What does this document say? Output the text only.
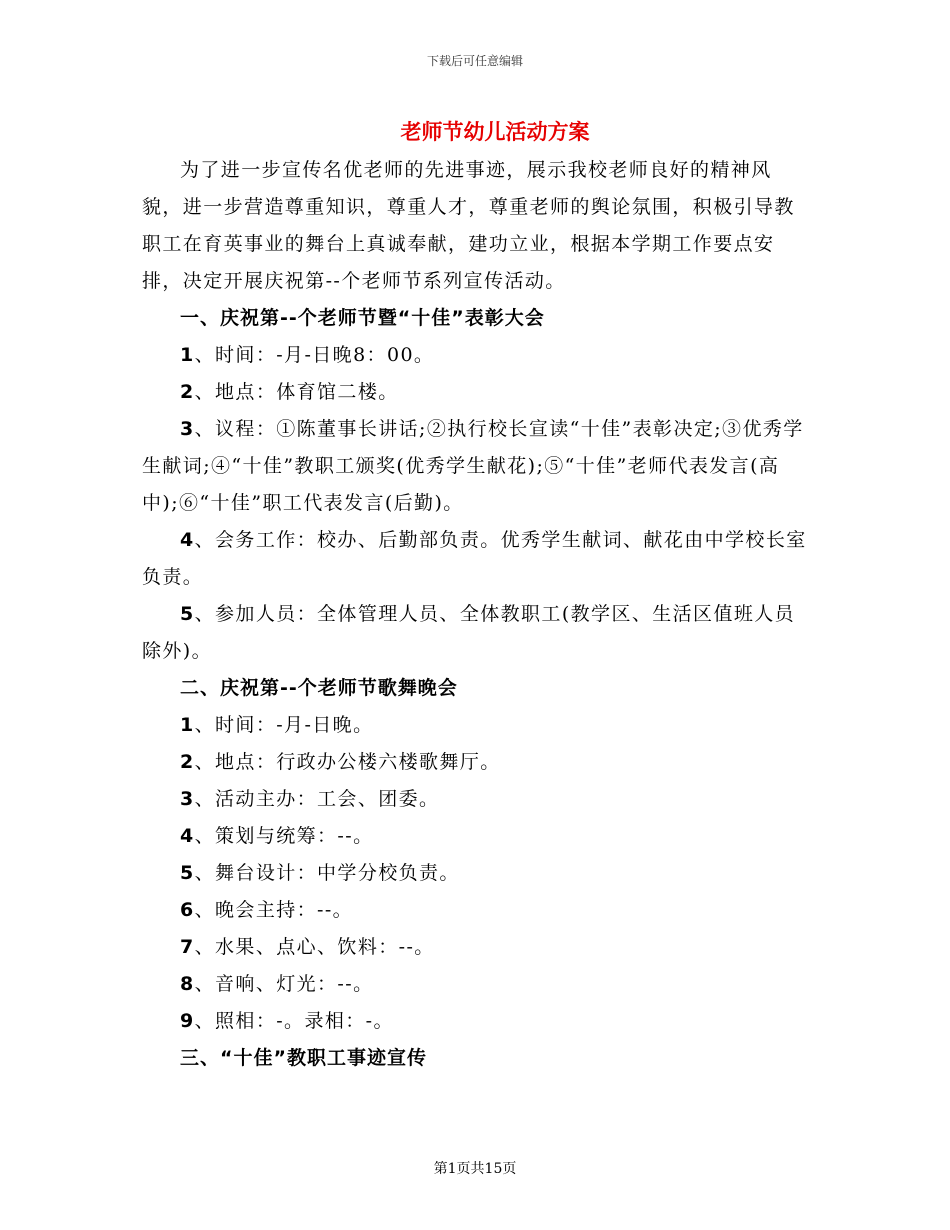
下载后可任意编辑
老师节幼儿活动方案

为了进一步宣传名优老师的先进事迹，展示我校老师良好的精神风貌，进一步营造尊重知识，尊重人才，尊重老师的舆论氛围，积极引导教职工在育英事业的舞台上真诚奉献，建功立业，根据本学期工作要点安排，决定开展庆祝第--个老师节系列宣传活动。

一、庆祝第--个老师节暨“十佳”表彰大会

1、时间：-月-日晚8：00。

2、地点：体育馆二楼。

3、议程：①陈董事长讲话;②执行校长宣读“十佳”表彰决定;③优秀学生献词;④“十佳”教职工颁奖(优秀学生献花);⑤“十佳”老师代表发言(高中);⑥“十佳”职工代表发言(后勤)。

4、会务工作：校办、后勤部负责。优秀学生献词、献花由中学校长室负责。

5、参加人员：全体管理人员、全体教职工(教学区、生活区值班人员除外)。

二、庆祝第--个老师节歌舞晚会

1、时间：-月-日晚。

2、地点：行政办公楼六楼歌舞厅。

3、活动主办：工会、团委。

4、策划与统筹：--。

5、舞台设计：中学分校负责。

6、晚会主持：--。

7、水果、点心、饮料：--。

8、音响、灯光：--。

9、照相：-。录相：-。

三、“十佳”教职工事迹宣传

第1页共15页
